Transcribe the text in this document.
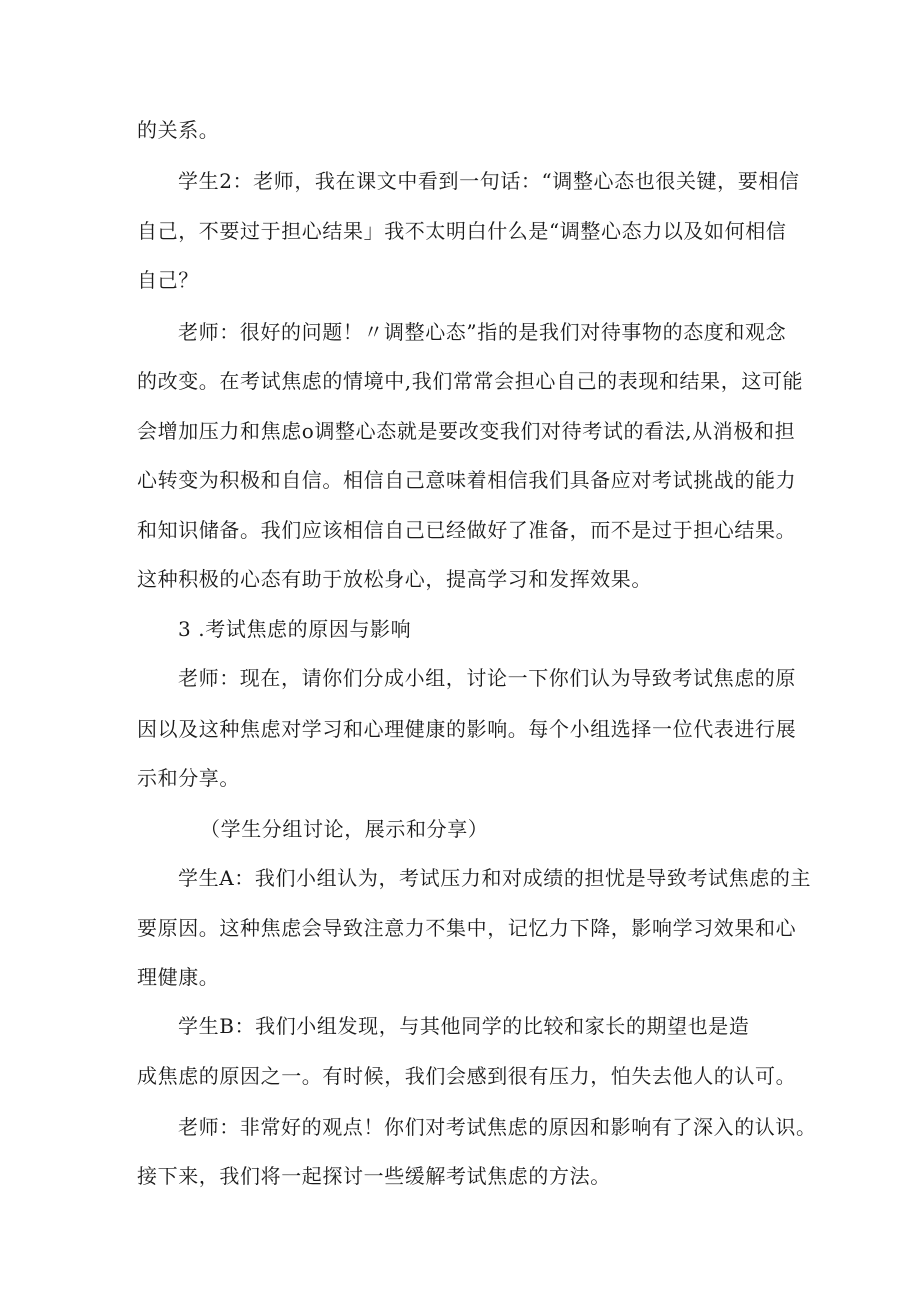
的关系。
学生2：老师，我在课文中看到一句话：“调整心态也很关键，要相信
自己，不要过于担心结果」我不太明白什么是“调整心态力以及如何相信
自己？
老师：很好的问题！〃调整心态”指的是我们对待事物的态度和观念
的改变。在考试焦虑的情境中,我们常常会担心自己的表现和结果，这可能
会增加压力和焦虑o调整心态就是要改变我们对待考试的看法,从消极和担
心转变为积极和自信。相信自己意味着相信我们具备应对考试挑战的能力
和知识储备。我们应该相信自己已经做好了准备，而不是过于担心结果。
这种积极的心态有助于放松身心，提高学习和发挥效果。
3 .考试焦虑的原因与影响
老师：现在，请你们分成小组，讨论一下你们认为导致考试焦虑的原
因以及这种焦虑对学习和心理健康的影响。每个小组选择一位代表进行展
示和分享。
（学生分组讨论，展示和分享）
学生A：我们小组认为，考试压力和对成绩的担忧是导致考试焦虑的主
要原因。这种焦虑会导致注意力不集中，记忆力下降，影响学习效果和心
理健康。
学生B：我们小组发现，与其他同学的比较和家长的期望也是造
成焦虑的原因之一。有时候，我们会感到很有压力，怕失去他人的认可。
老师：非常好的观点！你们对考试焦虑的原因和影响有了深入的认识。
接下来，我们将一起探讨一些缓解考试焦虑的方法。
